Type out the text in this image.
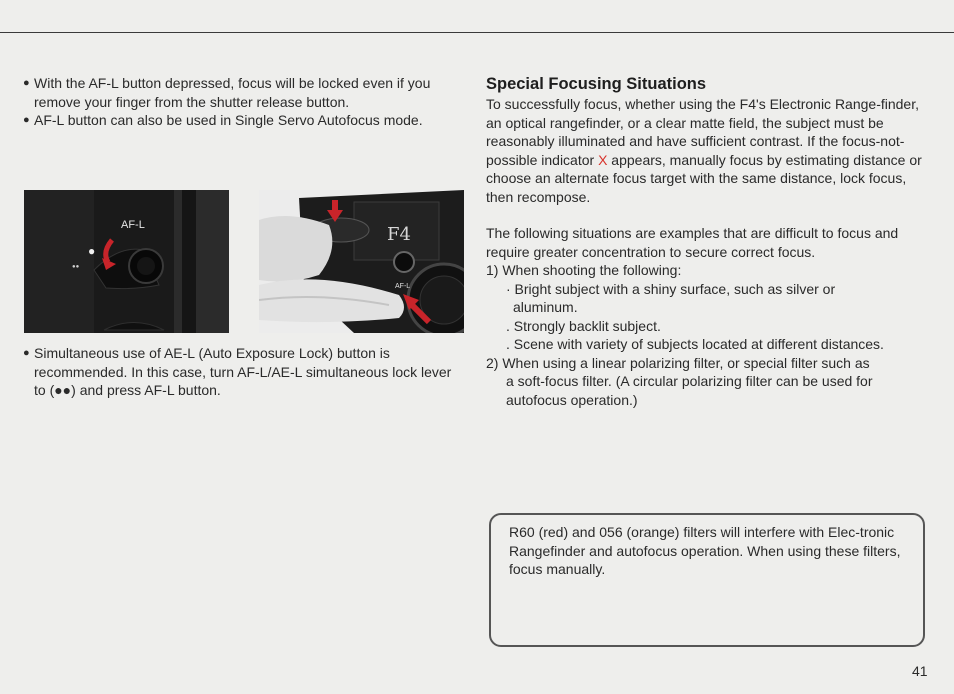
● With the AF-L button depressed, focus will be locked even if you remove your finger from the shutter release button.

● AF-L button can also be used in Single Servo Autofocus mode.

●
●●
AF-L	F4
AF-L

● Simultaneous use of AE-L (Auto Exposure Lock) button is recommended. In this case, turn AF-L/AE-L simultaneous lock lever to (●●) and press AF-L button.

Special Focusing Situations

To successfully focus, whether using the F4's Electronic Range-finder, an optical rangefinder, or a clear matte field, the subject must be reasonably illuminated and have sufficient contrast. If the focus-not-possible indicator X appears, manually focus by estimating distance or choose an alternate focus target with the same distance, lock focus, then recompose.

The following situations are examples that are difficult to focus and require greater concentration to secure correct focus.

1) When shooting the following:

· Bright subject with a shiny surface, such as silver or

aluminum.

. Strongly backlit subject.

. Scene with variety of subjects located at different distances.

2) When using a linear polarizing filter, or special filter such as

a soft-focus filter. (A circular polarizing filter can be used for autofocus operation.)

R60 (red) and 056 (orange) filters will interfere with Elec-tronic Rangefinder and autofocus operation. When using these filters, focus manually.

41
